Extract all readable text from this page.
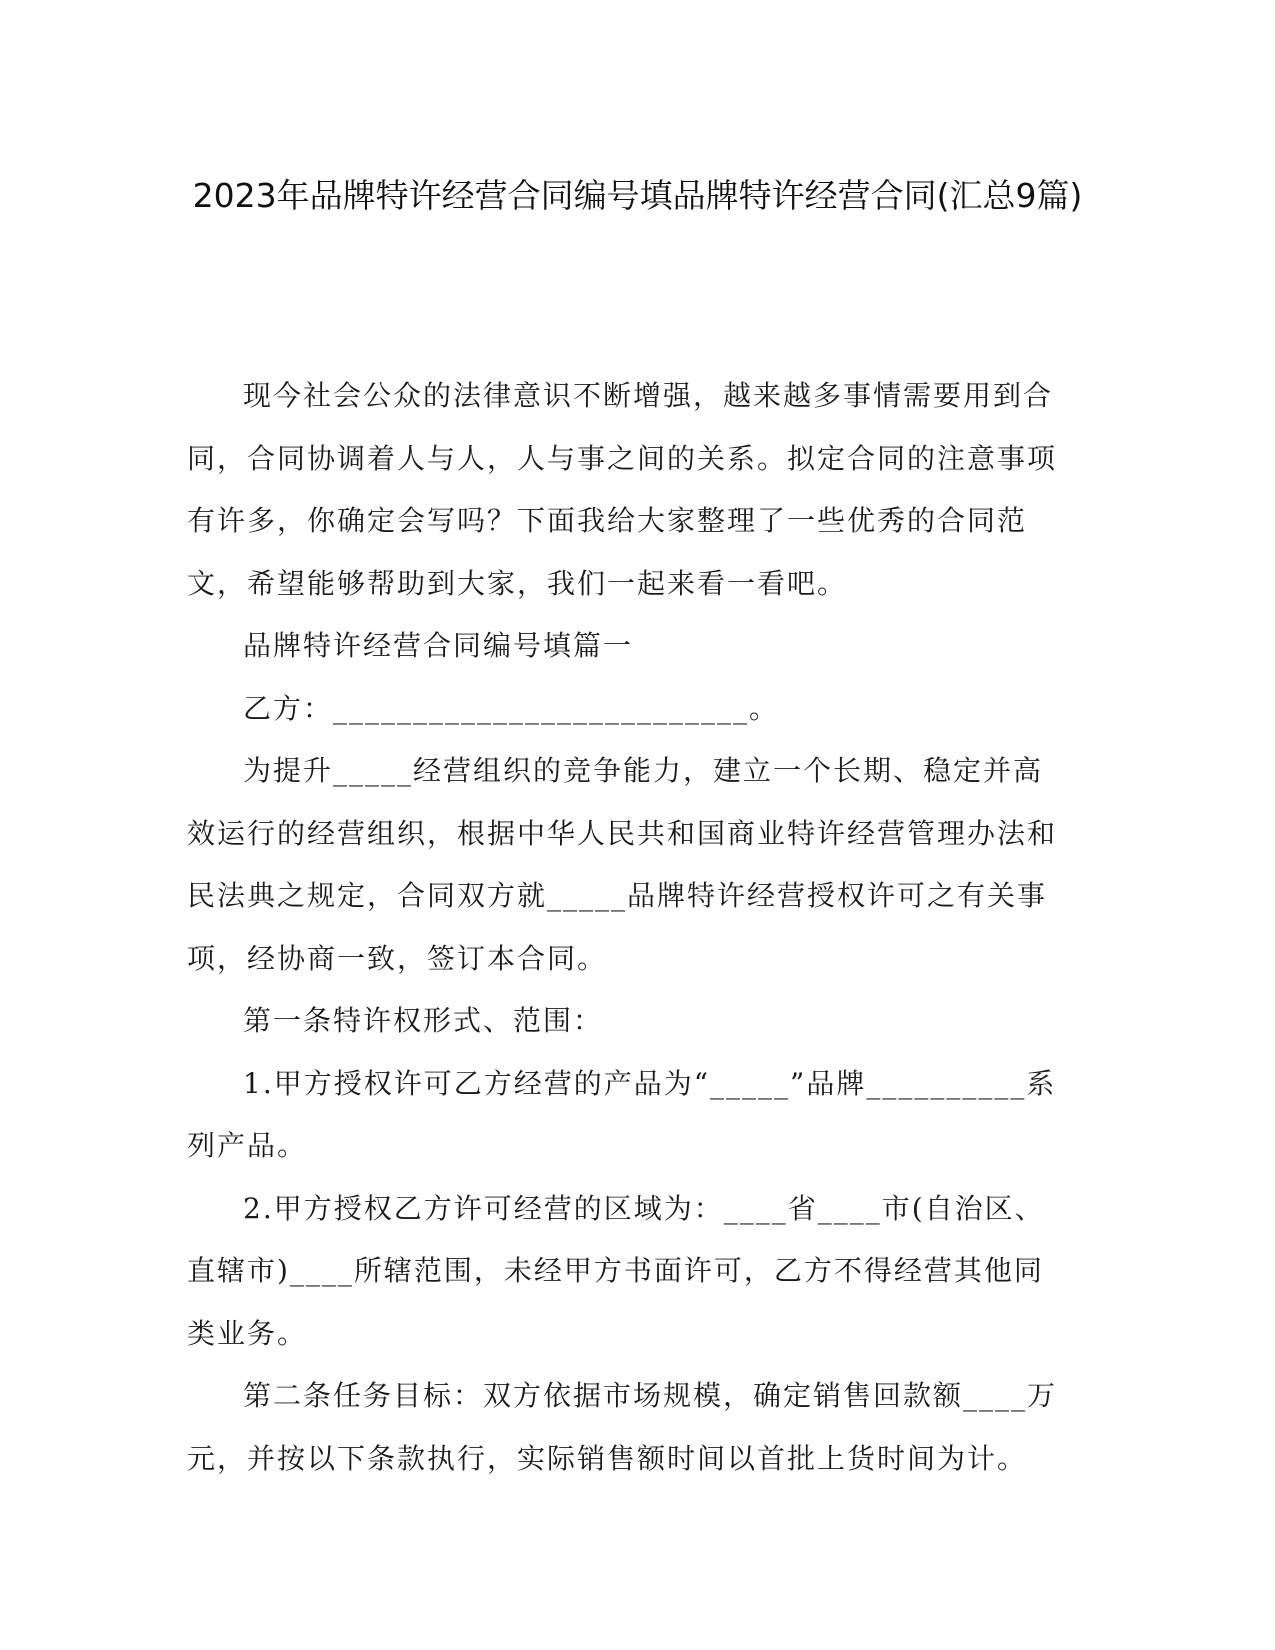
2023年品牌特许经营合同编号填品牌特许经营合同(汇总9篇)

现今社会公众的法律意识不断增强，越来越多事情需要用到合同，合同协调着人与人，人与事之间的关系。拟定合同的注意事项有许多，你确定会写吗？下面我给大家整理了一些优秀的合同范文，希望能够帮助到大家，我们一起来看一看吧。

品牌特许经营合同编号填篇一

乙方：__________________________。

为提升_____经营组织的竞争能力，建立一个长期、稳定并高效运行的经营组织，根据中华人民共和国商业特许经营管理办法和民法典之规定，合同双方就_____品牌特许经营授权许可之有关事项，经协商一致，签订本合同。

第一条特许权形式、范围：

1.甲方授权许可乙方经营的产品为“_____”品牌__________系列产品。

2.甲方授权乙方许可经营的区域为：____省____市(自治区、直辖市)____所辖范围，未经甲方书面许可，乙方不得经营其他同类业务。

第二条任务目标：双方依据市场规模，确定销售回款额____万元，并按以下条款执行，实际销售额时间以首批上货时间为计。
